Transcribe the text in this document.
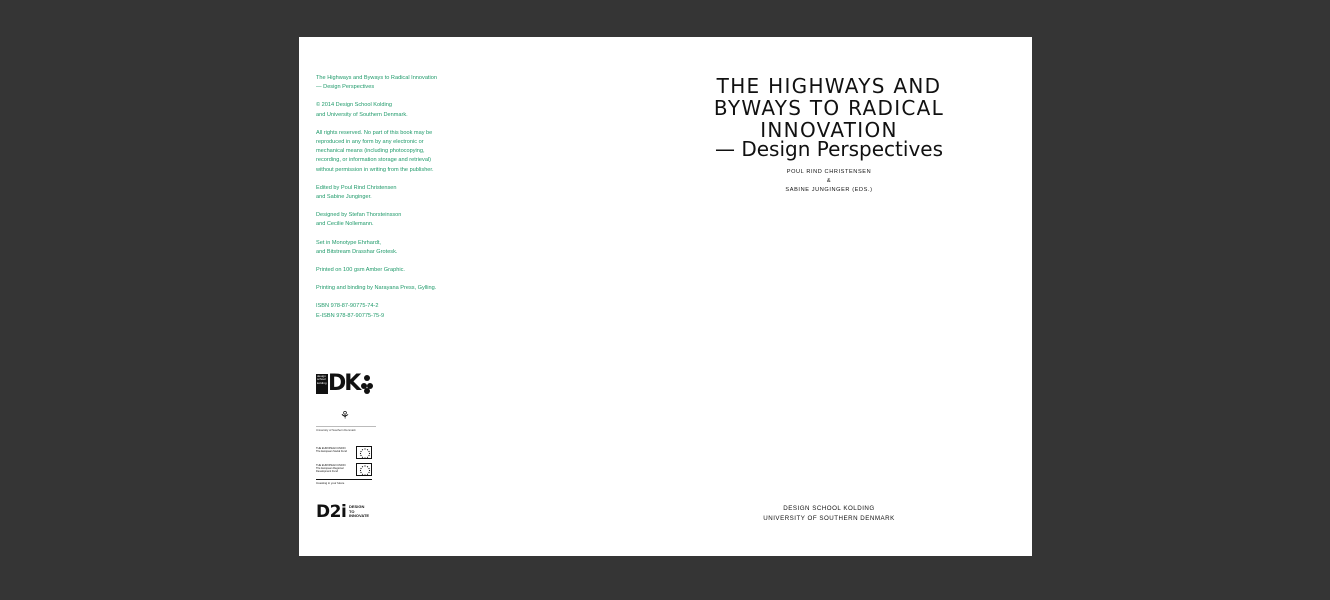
The Highways and Byways to Radical Innovation
— Design Perspectives

© 2014 Design School Kolding
and University of Southern Denmark.

All rights reserved. No part of this book may be
reproduced in any form by any electronic or
mechanical means (including photocopying,
recording, or information storage and retrieval)
without permission in writing from the publisher.

Edited by Poul Rind Christensen
and Sabine Junginger.

Designed by Stefan Thorsteinsson
and Cecilie Nollemann.

Set in Monotype Ehrhardt,
and Bitstream Drasshar Grotesk.

Printed on 100 gsm Amber Graphic.

Printing and binding by Narayana Press, Gylling.

ISBN 978-87-90775-74-2
E-ISBN 978-87-90775-75-9

design
school
kolding DK
⚘
University of Southern Denmark
THE EUROPEAN UNION
The European Social Fund
THE EUROPEAN UNION
The European Regional
Development Fund
Investing in your future
D2i DESIGN
TO
INNOVATE
THE HIGHWAYS AND
BYWAYS TO RADICAL
INNOVATION
— Design Perspectives
POUL RIND CHRISTENSEN
&
SABINE JUNGINGER (EDS.)
DESIGN SCHOOL KOLDING
UNIVERSITY OF SOUTHERN DENMARK
